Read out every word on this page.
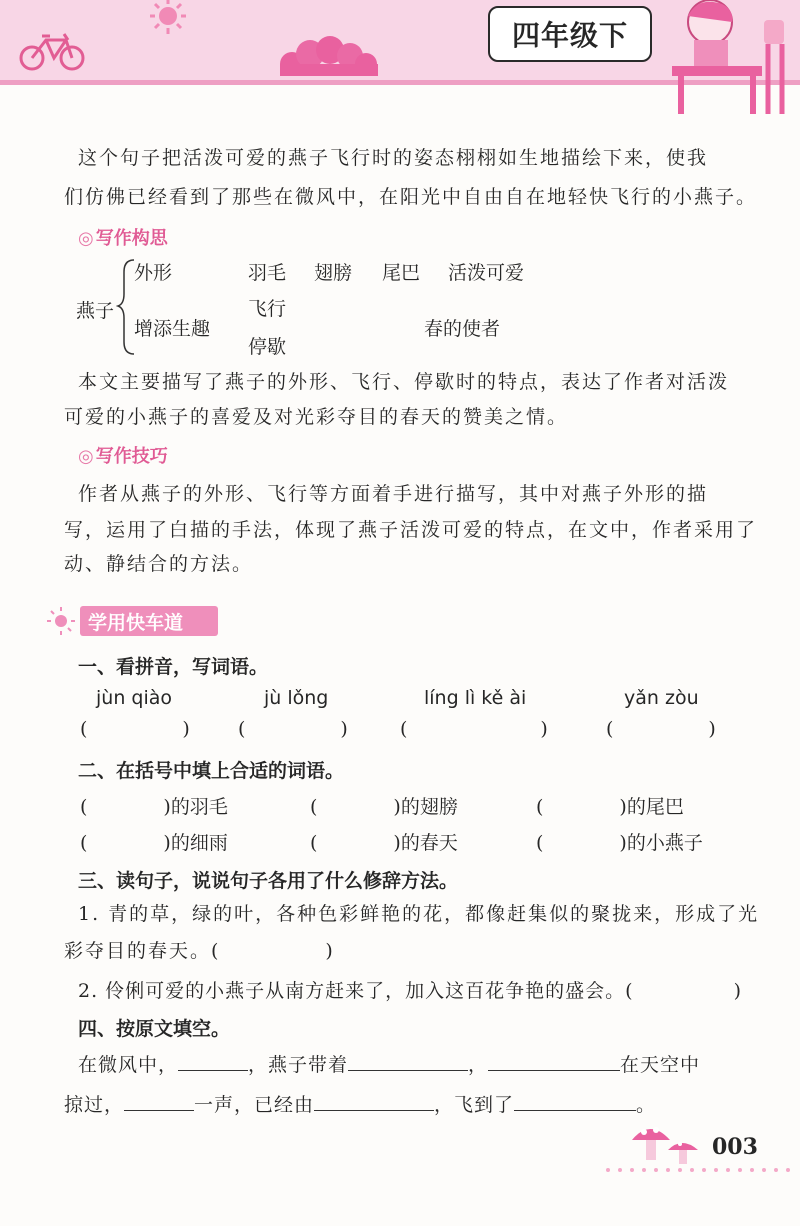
四年级下
这个句子把活泼可爱的燕子飞行时的姿态栩栩如生地描绘下来，使我
们仿佛已经看到了那些在微风中，在阳光中自由自在地轻快飞行的小燕子。
◎ 写作构思
燕子
外形	羽毛 翅膀 尾巴 活泼可爱
增添生趣
飞行
停歇
春的使者
本文主要描写了燕子的外形、飞行、停歇时的特点，表达了作者对活泼
可爱的小燕子的喜爱及对光彩夺目的春天的赞美之情。
◎ 写作技巧
作者从燕子的外形、飞行等方面着手进行描写，其中对燕子外形的描
写，运用了白描的手法，体现了燕子活泼可爱的特点，在文中，作者采用了
动、静结合的方法。
学用快车道
一、看拼音，写词语。
jùn qiào	jù lǒng	líng lì kě ài	yǎn zòu
(     )	(     )	(       )	(     )
二、在括号中填上合适的词语。
(    )的羽毛	(    )的翅膀	(    )的尾巴
(    )的细雨	(    )的春天	(    )的小燕子
三、读句子，说说句子各用了什么修辞方法。
1. 青的草，绿的叶，各种色彩鲜艳的花，都像赶集似的聚拢来，形成了光
彩夺目的春天。(     )
2. 伶俐可爱的小燕子从南方赶来了，加入这百花争艳的盛会。(     )
四、按原文填空。
在微风中，	，燕子带着	，	在天空中
掠过，	一声，已经由	，飞到了	。
003
